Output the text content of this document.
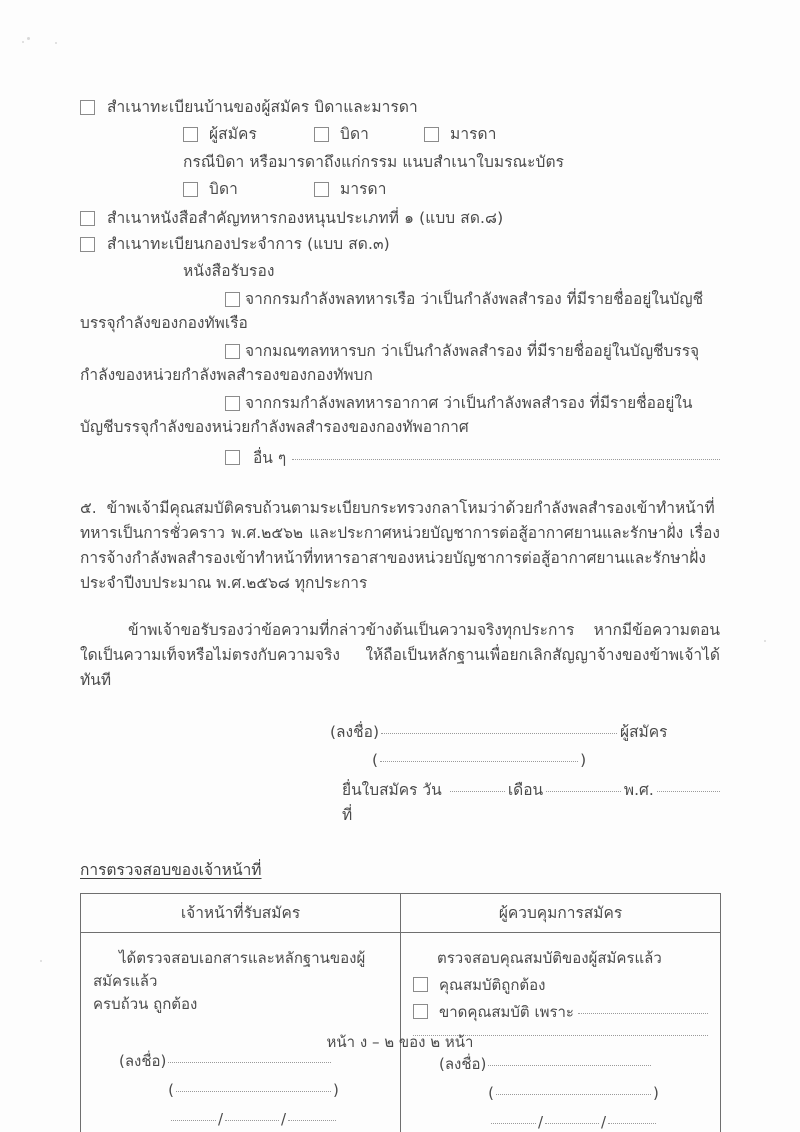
สำเนาทะเบียนบ้านของผู้สมัคร บิดาและมารดา
ผู้สมัคร	บิดา	มารดา
กรณีบิดา หรือมารดาถึงแก่กรรม แนบสำเนาใบมรณะบัตร
บิดา	มารดา
สำเนาหนังสือสำคัญทหารกองหนุนประเภทที่ ๑ (แบบ สด.๘)
สำเนาทะเบียนกองประจำการ (แบบ สด.๓)
หนังสือรับรอง
จากกรมกำลังพลทหารเรือ ว่าเป็นกำลังพลสำรอง ที่มีรายชื่ออยู่ในบัญชีบรรจุกำลังของกองทัพเรือ
จากมณฑลทหารบก ว่าเป็นกำลังพลสำรอง ที่มีรายชื่ออยู่ในบัญชีบรรจุกำลังของหน่วยกำลังพลสำรองของกองทัพบก
จากกรมกำลังพลทหารอากาศ ว่าเป็นกำลังพลสำรอง ที่มีรายชื่ออยู่ในบัญชีบรรจุกำลังของหน่วยกำลังพลสำรองของกองทัพอากาศ
อื่น ๆ
๕. ข้าพเจ้ามีคุณสมบัติครบถ้วนตามระเบียบกระทรวงกลาโหมว่าด้วยกำลังพลสำรองเข้าทำหน้าที่ทหารเป็นการชั่วคราว พ.ศ.๒๕๖๒ และประกาศหน่วยบัญชาการต่อสู้อากาศยานและรักษาฝั่ง เรื่อง การจ้างกำลังพลสำรองเข้าทำหน้าที่ทหารอาสาของหน่วยบัญชาการต่อสู้อากาศยานและรักษาฝั่ง ประจำปีงบประมาณ พ.ศ.๒๕๖๘ ทุกประการ
ข้าพเจ้าขอรับรองว่าข้อความที่กล่าวข้างต้นเป็นความจริงทุกประการ หากมีข้อความตอนใดเป็นความเท็จหรือไม่ตรงกับความจริง ให้ถือเป็นหลักฐานเพื่อยกเลิกสัญญาจ้างของข้าพเจ้าได้ทันที
(ลงชื่อ)	ผู้สมัคร
(	)
ยื่นใบสมัคร วันที่
เดือน	พ.ศ.
การตรวจสอบของเจ้าหน้าที่
เจ้าหน้าที่รับสมัคร	ผู้ควบคุมการสมัคร

ได้ตรวจสอบเอกสารและหลักฐานของผู้สมัครแล้ว
ครบถ้วน ถูกต้อง
(ลงชื่อ)
(	)
/	/

ตรวจสอบคุณสมบัติของผู้สมัครแล้ว
คุณสมบัติถูกต้อง
ขาดคุณสมบัติ เพราะ
(ลงชื่อ)
(	)
/	/
หน้า ง – ๒ ของ ๒ หน้า
